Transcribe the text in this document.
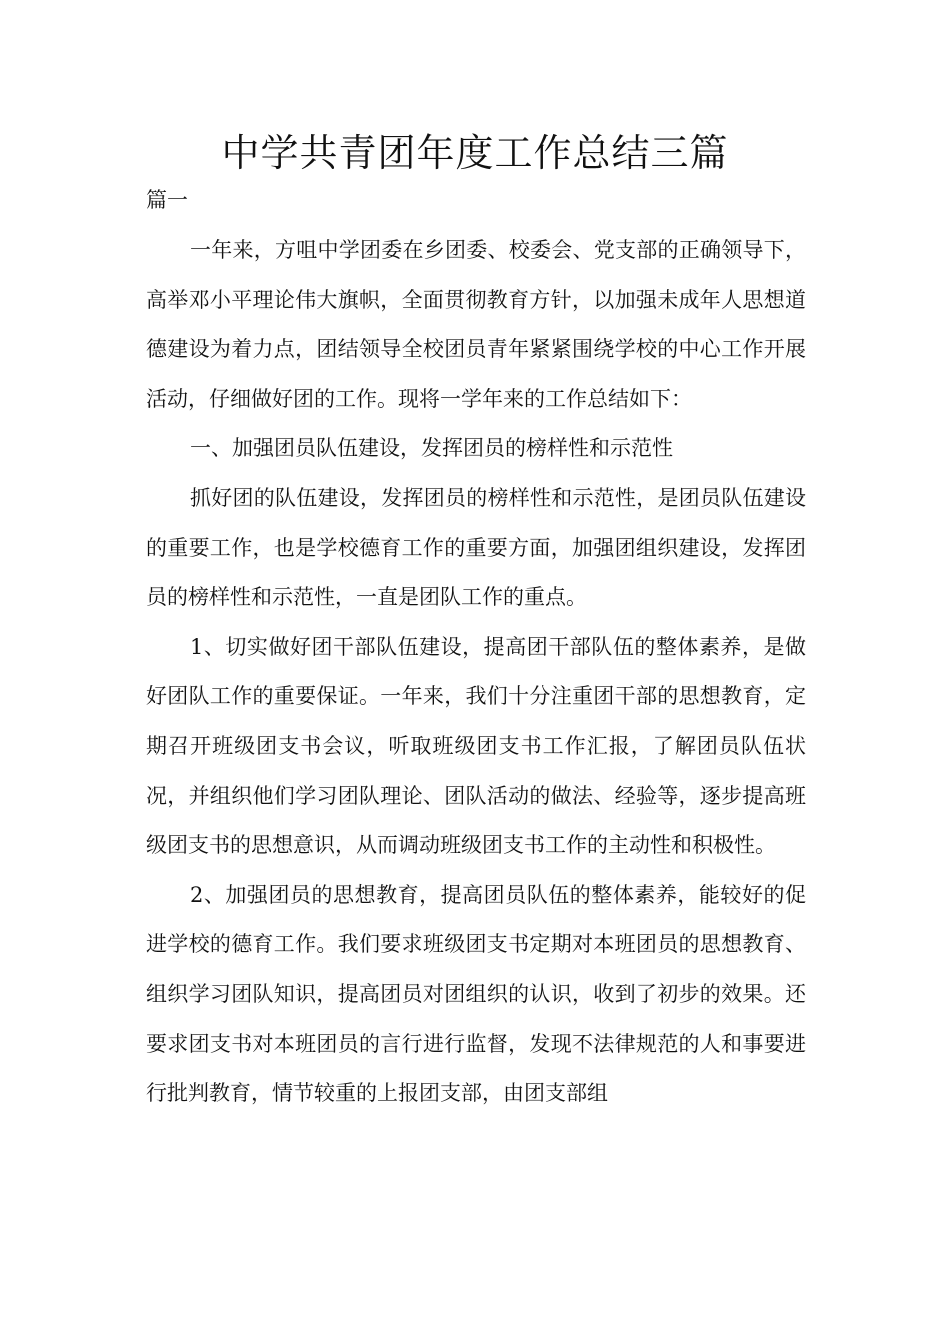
中学共青团年度工作总结三篇
篇一

一年来，方咀中学团委在乡团委、校委会、党支部的正确领导下，高举邓小平理论伟大旗帜，全面贯彻教育方针，以加强未成年人思想道德建设为着力点，团结领导全校团员青年紧紧围绕学校的中心工作开展活动，仔细做好团的工作。现将一学年来的工作总结如下：

一、加强团员队伍建设，发挥团员的榜样性和示范性

抓好团的队伍建设，发挥团员的榜样性和示范性，是团员队伍建设的重要工作，也是学校德育工作的重要方面，加强团组织建设，发挥团员的榜样性和示范性，一直是团队工作的重点。

1、切实做好团干部队伍建设，提高团干部队伍的整体素养，是做好团队工作的重要保证。一年来，我们十分注重团干部的思想教育，定期召开班级团支书会议，听取班级团支书工作汇报，了解团员队伍状况，并组织他们学习团队理论、团队活动的做法、经验等，逐步提高班级团支书的思想意识，从而调动班级团支书工作的主动性和积极性。

2、加强团员的思想教育，提高团员队伍的整体素养，能较好的促进学校的德育工作。我们要求班级团支书定期对本班团员的思想教育、组织学习团队知识，提高团员对团组织的认识，收到了初步的效果。还要求团支书对本班团员的言行进行监督，发现不法律规范的人和事要进行批判教育，情节较重的上报团支部，由团支部组
